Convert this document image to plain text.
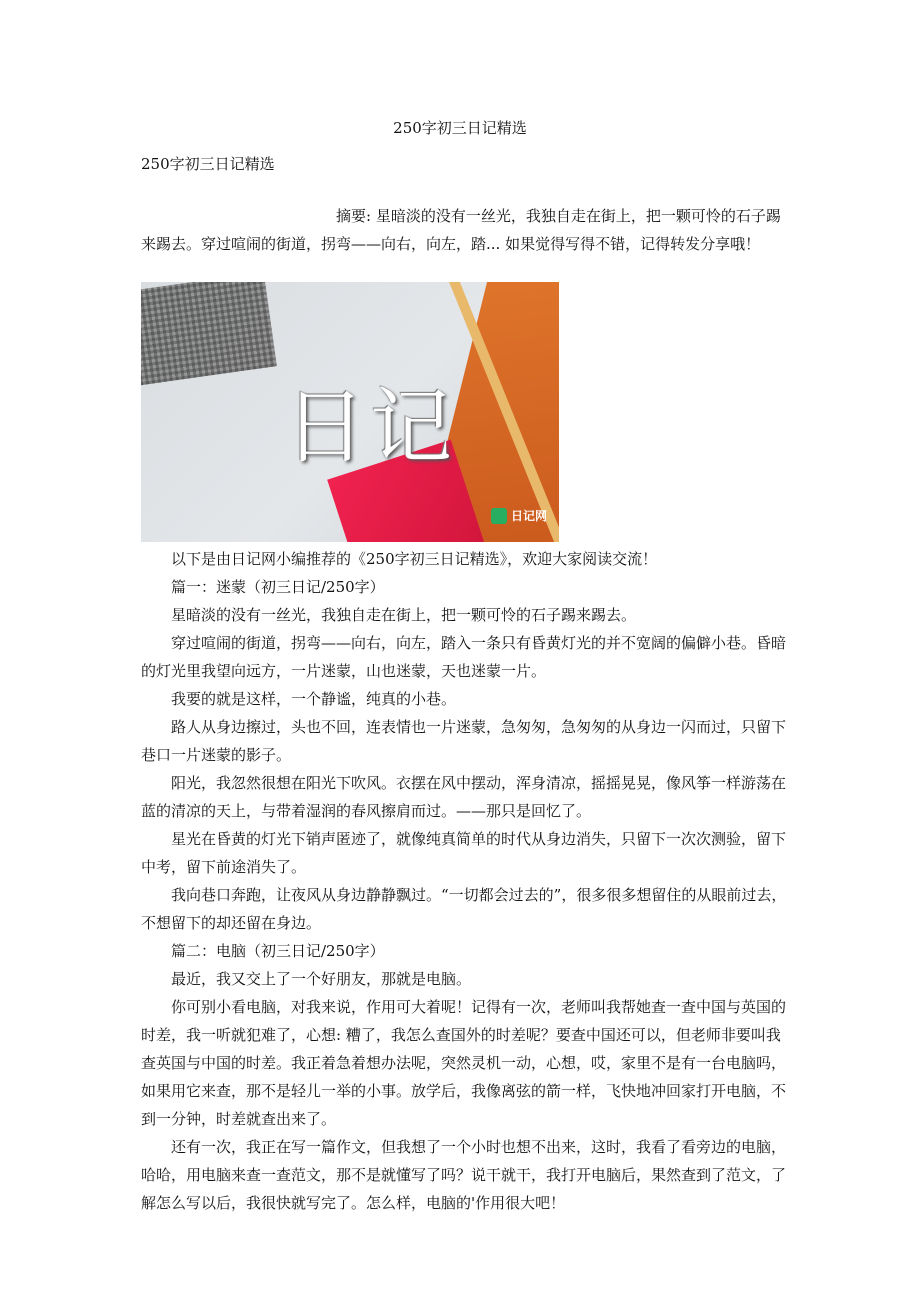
250字初三日记精选
250字初三日记精选
摘要: 星暗淡的没有一丝光，我独自走在街上，把一颗可怜的石子踢来踢去。穿过喧闹的街道，拐弯——向右，向左，踏... 如果觉得写得不错，记得转发分享哦！
日记
日记网

以下是由日记网小编推荐的《250字初三日记精选》，欢迎大家阅读交流！

篇一：迷蒙（初三日记/250字）

星暗淡的没有一丝光，我独自走在街上，把一颗可怜的石子踢来踢去。

穿过喧闹的街道，拐弯——向右，向左，踏入一条只有昏黄灯光的并不宽阔的偏僻小巷。昏暗的灯光里我望向远方，一片迷蒙，山也迷蒙，天也迷蒙一片。

我要的就是这样，一个静谧，纯真的小巷。

路人从身边擦过，头也不回，连表情也一片迷蒙，急匆匆，急匆匆的从身边一闪而过，只留下巷口一片迷蒙的影子。

阳光，我忽然很想在阳光下吹风。衣摆在风中摆动，浑身清凉，摇摇晃晃，像风筝一样游荡在蓝的清凉的天上，与带着湿润的春风擦肩而过。——那只是回忆了。

星光在昏黄的灯光下销声匿迹了，就像纯真简单的时代从身边消失，只留下一次次测验，留下中考，留下前途消失了。

我向巷口奔跑，让夜风从身边静静飘过。“一切都会过去的”，很多很多想留住的从眼前过去，不想留下的却还留在身边。

篇二：电脑（初三日记/250字）

最近，我又交上了一个好朋友，那就是电脑。

你可别小看电脑，对我来说，作用可大着呢！记得有一次，老师叫我帮她查一查中国与英国的时差，我一听就犯难了，心想: 糟了，我怎么查国外的时差呢？要查中国还可以，但老师非要叫我查英国与中国的时差。我正着急着想办法呢，突然灵机一动，心想，哎，家里不是有一台电脑吗，如果用它来查，那不是轻儿一举的小事。放学后，我像离弦的箭一样，飞快地冲回家打开电脑，不到一分钟，时差就查出来了。

还有一次，我正在写一篇作文，但我想了一个小时也想不出来，这时，我看了看旁边的电脑，哈哈，用电脑来查一查范文，那不是就懂写了吗？说干就干，我打开电脑后，果然查到了范文，了解怎么写以后，我很快就写完了。怎么样，电脑的'作用很大吧！
